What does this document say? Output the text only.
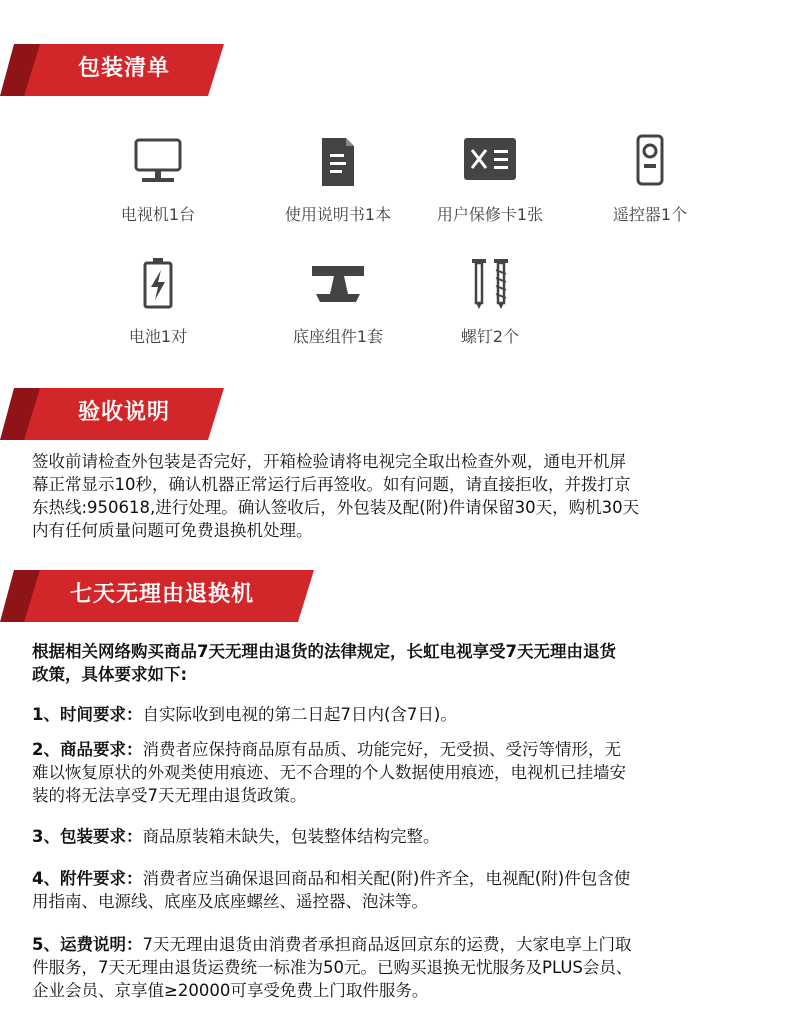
包装清单
电视机1台	使用说明书1本	用户保修卡1张	遥控器1个
电池1对	底座组件1套	螺钉2个
验收说明
签收前请检查外包装是否完好，开箱检验请将电视完全取出检查外观，通电开机屏
幕正常显示10秒，确认机器正常运行后再签收。如有问题，请直接拒收，并拨打京
东热线:950618,进行处理。确认签收后，外包装及配(附)件请保留30天，购机30天
内有任何质量问题可免费退换机处理。
七天无理由退换机
根据相关网络购买商品7天无理由退货的法律规定，长虹电视享受7天无理由退货
政策，具体要求如下:
1、时间要求：自实际收到电视的第二日起7日内(含7日)。
2、商品要求：消费者应保持商品原有品质、功能完好，无受损、受污等情形，无
难以恢复原状的外观类使用痕迹、无不合理的个人数据使用痕迹，电视机已挂墙安
装的将无法享受7天无理由退货政策。
3、包装要求：商品原装箱未缺失，包装整体结构完整。
4、附件要求：消费者应当确保退回商品和相关配(附)件齐全，电视配(附)件包含使
用指南、电源线、底座及底座螺丝、遥控器、泡沫等。
5、运费说明：7天无理由退货由消费者承担商品返回京东的运费，大家电享上门取
件服务，7天无理由退货运费统一标准为50元。已购买退换无忧服务及PLUS会员、
企业会员、京享值≥20000可享受免费上门取件服务。
